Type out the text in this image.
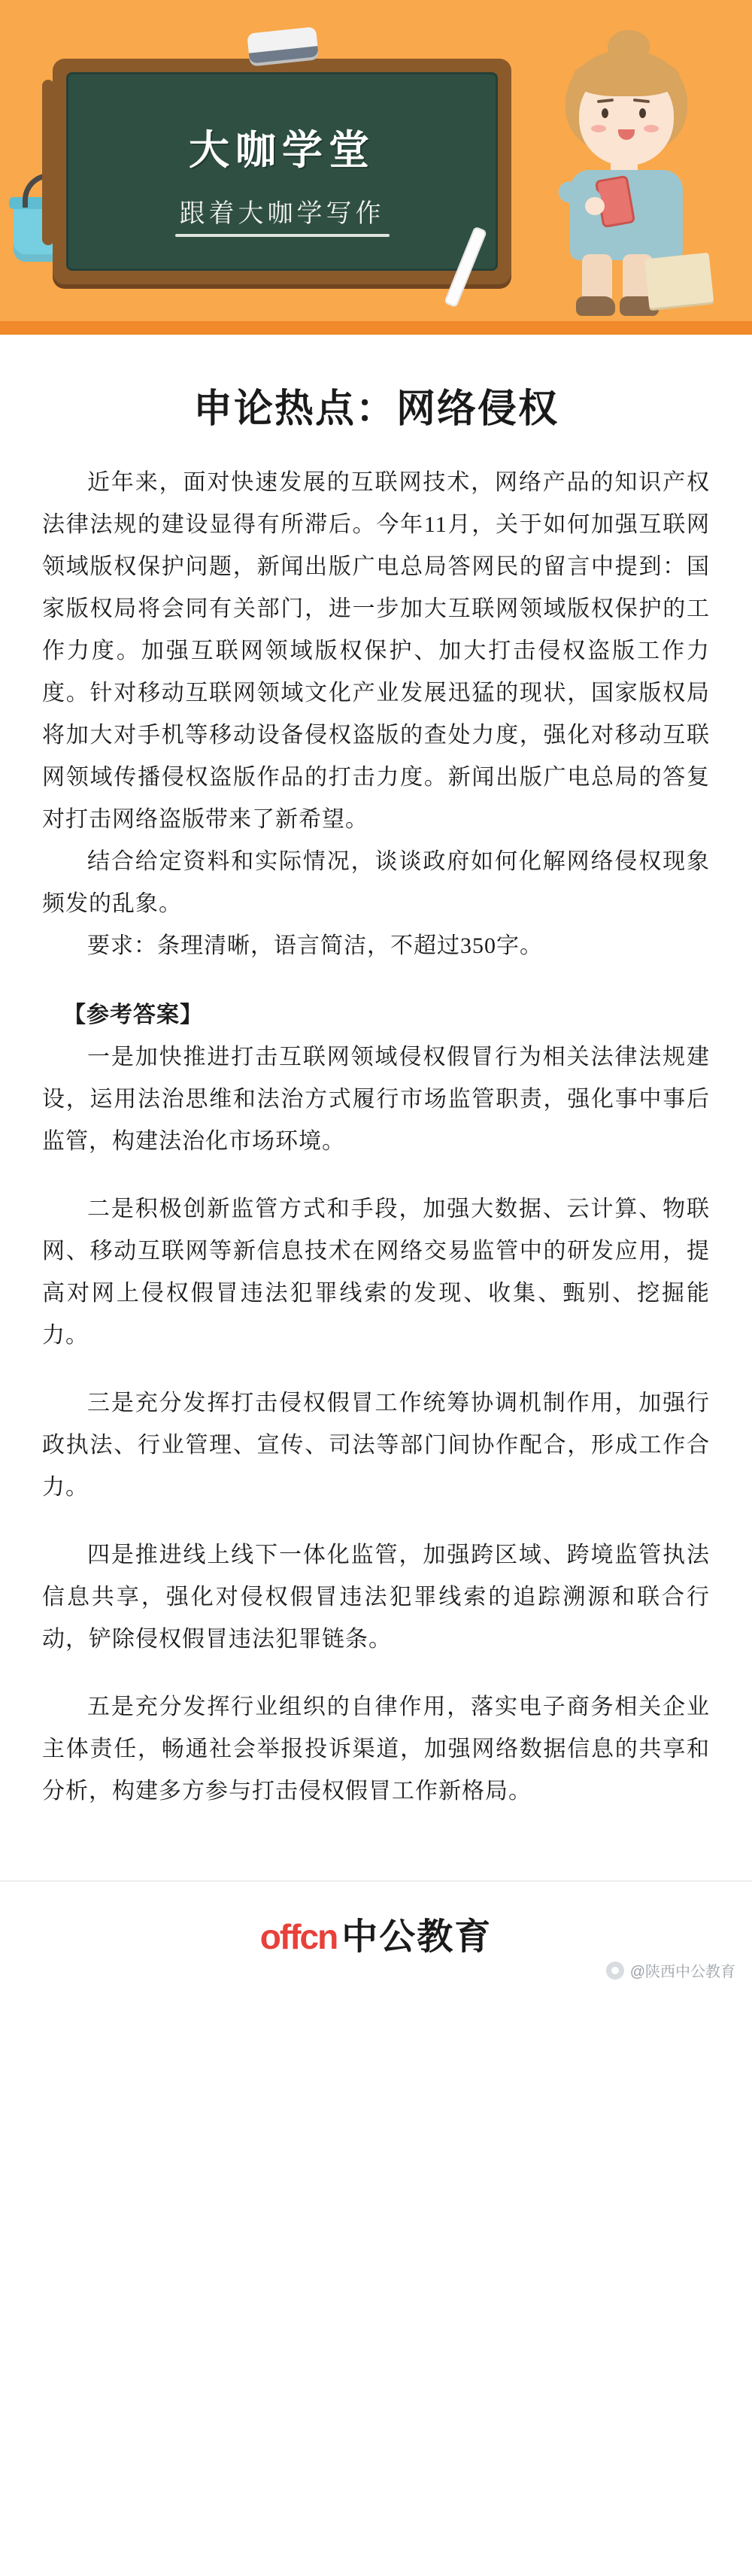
大咖学堂
跟着大咖学写作
申论热点：网络侵权

近年来，面对快速发展的互联网技术，网络产品的知识产权法律法规的建设显得有所滞后。今年11月，关于如何加强互联网领域版权保护问题，新闻出版广电总局答网民的留言中提到：国家版权局将会同有关部门，进一步加大互联网领域版权保护的工作力度。加强互联网领域版权保护、加大打击侵权盗版工作力度。针对移动互联网领域文化产业发展迅猛的现状，国家版权局将加大对手机等移动设备侵权盗版的查处力度，强化对移动互联网领域传播侵权盗版作品的打击力度。新闻出版广电总局的答复对打击网络盗版带来了新希望。

结合给定资料和实际情况，谈谈政府如何化解网络侵权现象频发的乱象。

要求：条理清晰，语言简洁，不超过350字。

【参考答案】

一是加快推进打击互联网领域侵权假冒行为相关法律法规建设，运用法治思维和法治方式履行市场监管职责，强化事中事后监管，构建法治化市场环境。

二是积极创新监管方式和手段，加强大数据、云计算、物联网、移动互联网等新信息技术在网络交易监管中的研发应用，提高对网上侵权假冒违法犯罪线索的发现、收集、甄别、挖掘能力。

三是充分发挥打击侵权假冒工作统筹协调机制作用，加强行政执法、行业管理、宣传、司法等部门间协作配合，形成工作合力。

四是推进线上线下一体化监管，加强跨区域、跨境监管执法信息共享，强化对侵权假冒违法犯罪线索的追踪溯源和联合行动，铲除侵权假冒违法犯罪链条。

五是充分发挥行业组织的自律作用，落实电子商务相关企业主体责任，畅通社会举报投诉渠道，加强网络数据信息的共享和分析，构建多方参与打击侵权假冒工作新格局。

offcn 中公教育
@陕西中公教育
